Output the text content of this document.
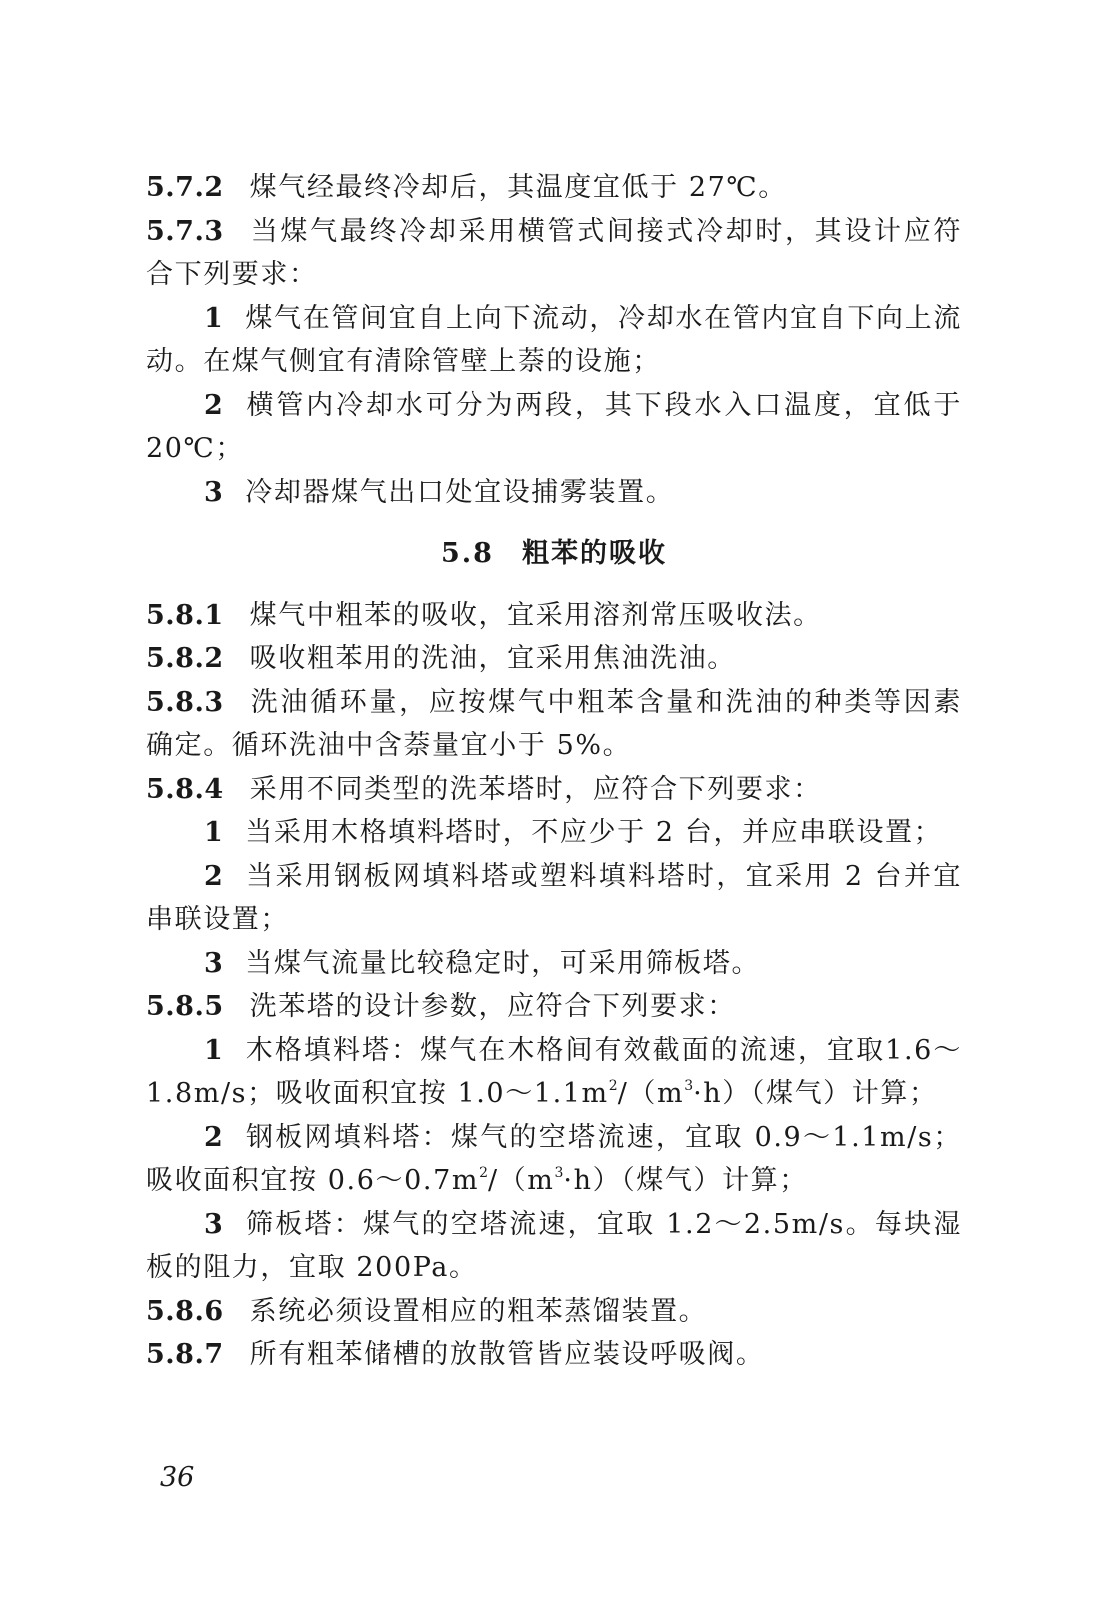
5.7.2 煤气经最终冷却后，其温度宜低于 27℃。

5.7.3 当煤气最终冷却采用横管式间接式冷却时，其设计应符合下列要求：

1 煤气在管间宜自上向下流动，冷却水在管内宜自下向上流动。在煤气侧宜有清除管壁上萘的设施；

2 横管内冷却水可分为两段，其下段水入口温度，宜低于 20℃；

3 冷却器煤气出口处宜设捕雾装置。

5.8 粗苯的吸收

5.8.1 煤气中粗苯的吸收，宜采用溶剂常压吸收法。

5.8.2 吸收粗苯用的洗油，宜采用焦油洗油。

5.8.3 洗油循环量，应按煤气中粗苯含量和洗油的种类等因素确定。循环洗油中含萘量宜小于 5%。

5.8.4 采用不同类型的洗苯塔时，应符合下列要求：

1 当采用木格填料塔时，不应少于 2 台，并应串联设置；

2 当采用钢板网填料塔或塑料填料塔时，宜采用 2 台并宜串联设置；

3 当煤气流量比较稳定时，可采用筛板塔。

5.8.5 洗苯塔的设计参数，应符合下列要求：

1 木格填料塔：煤气在木格间有效截面的流速，宜取1.6～1.8m/s；吸收面积宜按 $1.0\sim 1.1m^2/(m^3\cdot h)$（煤气）计算；

2 钢板网填料塔：煤气的空塔流速，宜取 0.9～1.1m/s；吸收面积宜按 $0.6\sim 0.7m^2/(m^3\cdot h)$（煤气）计算；

3 筛板塔：煤气的空塔流速，宜取 1.2～2.5m/s。每块湿板的阻力，宜取 200Pa。

5.8.6 系统必须设置相应的粗苯蒸馏装置。

5.8.7 所有粗苯储槽的放散管皆应装设呼吸阀。

36
